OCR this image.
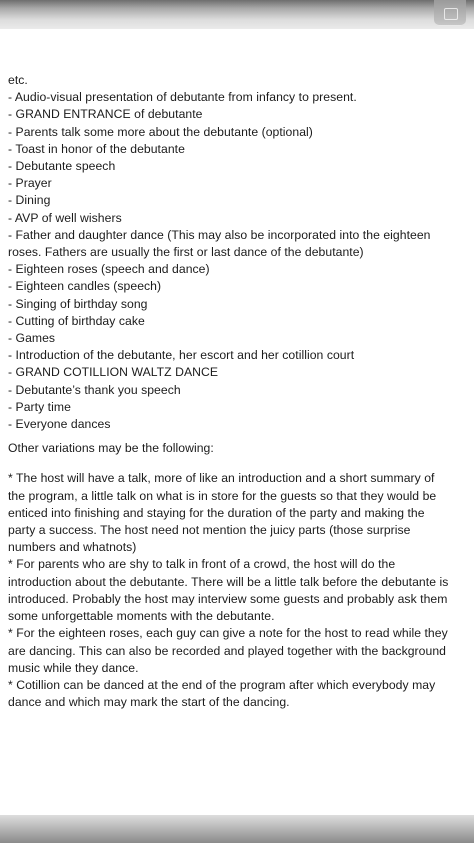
etc.
- Audio-visual presentation of debutante from infancy to present.
- GRAND ENTRANCE of debutante
- Parents talk some more about the debutante (optional)
- Toast in honor of the debutante
- Debutante speech
- Prayer
- Dining
- AVP of well wishers
- Father and daughter dance (This may also be incorporated into the eighteen
roses. Fathers are usually the first or last dance of the debutante)
- Eighteen roses (speech and dance)
- Eighteen candles (speech)
- Singing of birthday song
- Cutting of birthday cake
- Games
- Introduction of the debutante, her escort and her cotillion court
- GRAND COTILLION WALTZ DANCE
- Debutante’s thank you speech
- Party time
- Everyone dances
Other variations may be the following:
* The host will have a talk, more of like an introduction and a short summary of
the program, a little talk on what is in store for the guests so that they would be
enticed into finishing and staying for the duration of the party and making the
party a success. The host need not mention the juicy parts (those surprise
numbers and whatnots)
* For parents who are shy to talk in front of a crowd, the host will do the
introduction about the debutante. There will be a little talk before the debutante is
introduced. Probably the host may interview some guests and probably ask them
some unforgettable moments with the debutante.
* For the eighteen roses, each guy can give a note for the host to read while they
are dancing. This can also be recorded and played together with the background
music while they dance.
* Cotillion can be danced at the end of the program after which everybody may
dance and which may mark the start of the dancing.
